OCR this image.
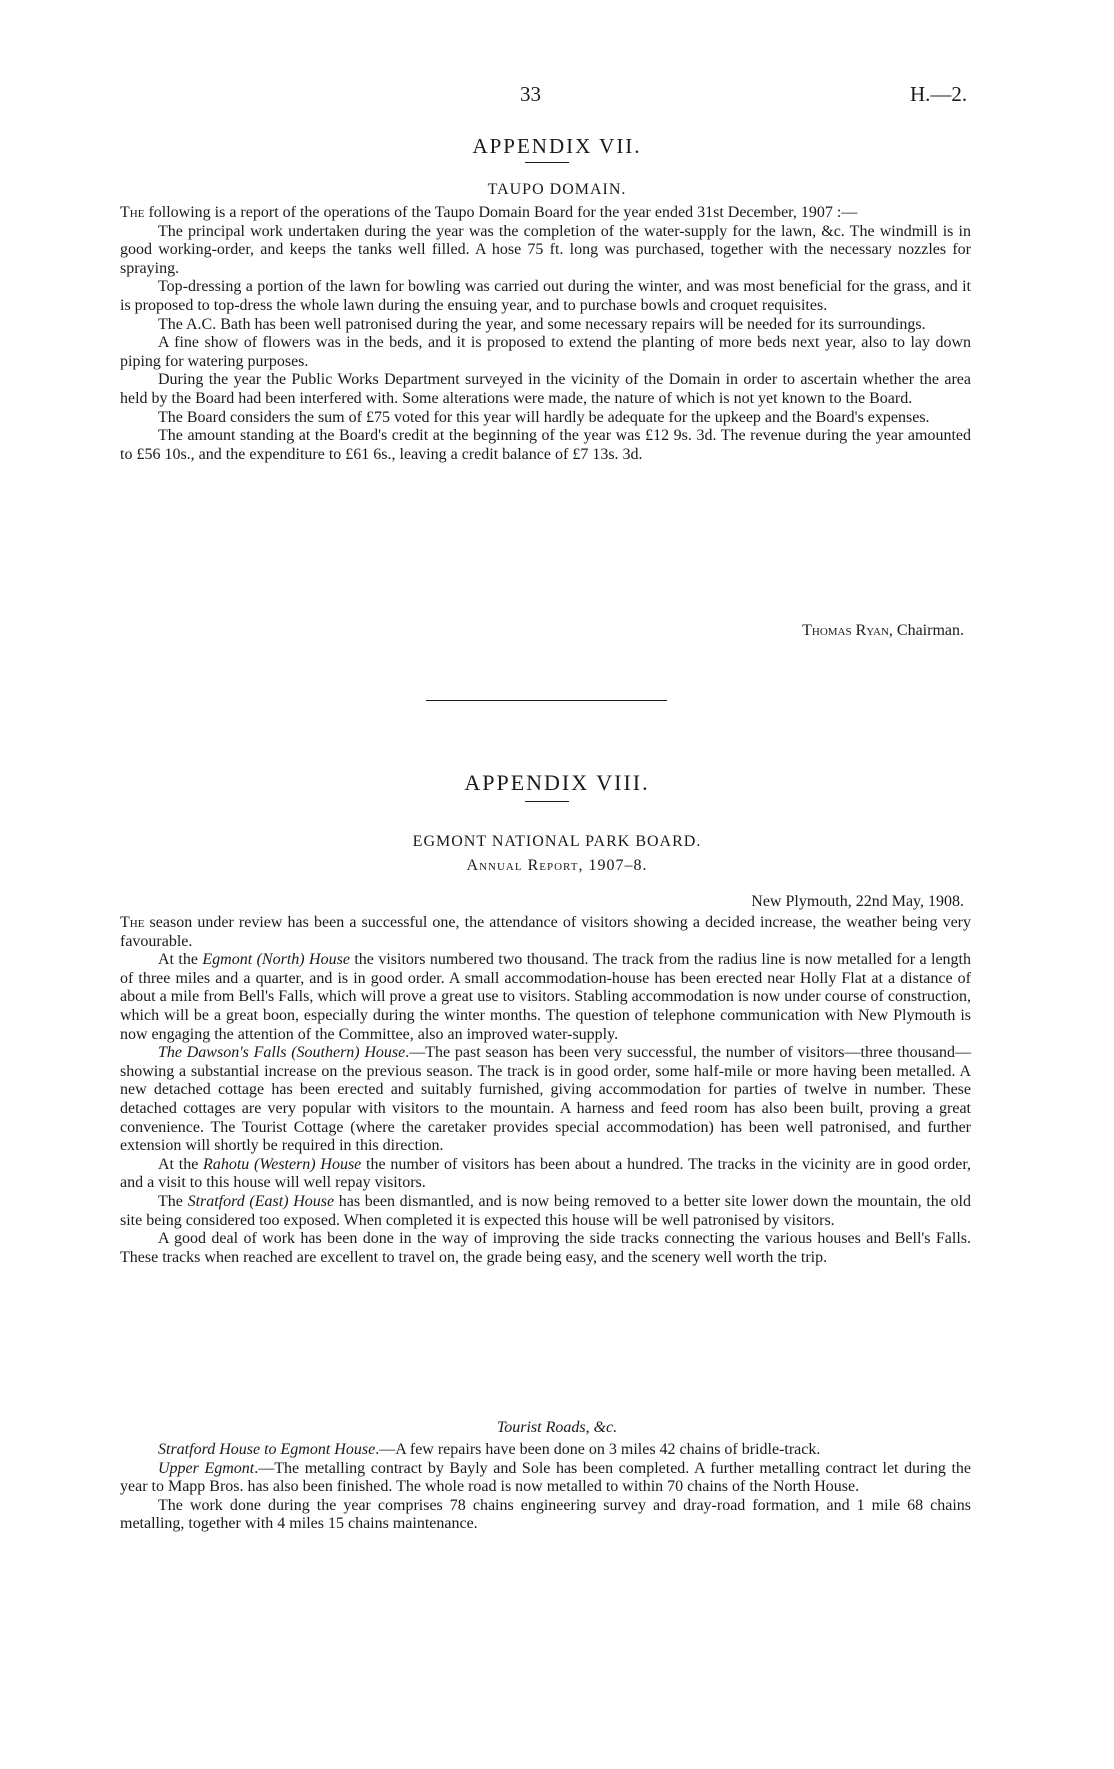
33	H.—2.
APPENDIX VII.
TAUPO DOMAIN.

The following is a report of the operations of the Taupo Domain Board for the year ended 31st December, 1907 :—

The principal work undertaken during the year was the completion of the water-supply for the lawn, &c. The windmill is in good working-order, and keeps the tanks well filled. A hose 75 ft. long was purchased, together with the necessary nozzles for spraying.

Top-dressing a portion of the lawn for bowling was carried out during the winter, and was most beneficial for the grass, and it is proposed to top-dress the whole lawn during the ensuing year, and to purchase bowls and croquet requisites.

The A.C. Bath has been well patronised during the year, and some necessary repairs will be needed for its surroundings.

A fine show of flowers was in the beds, and it is proposed to extend the planting of more beds next year, also to lay down piping for watering purposes.

During the year the Public Works Department surveyed in the vicinity of the Domain in order to ascertain whether the area held by the Board had been interfered with. Some alterations were made, the nature of which is not yet known to the Board.

The Board considers the sum of £75 voted for this year will hardly be adequate for the upkeep and the Board's expenses.

The amount standing at the Board's credit at the beginning of the year was £12 9s. 3d. The revenue during the year amounted to £56 10s., and the expenditure to £61 6s., leaving a credit balance of £7 13s. 3d.

Thomas Ryan, Chairman.
APPENDIX VIII.
EGMONT NATIONAL PARK BOARD.
Annual Report, 1907–8.
New Plymouth, 22nd May, 1908.

The season under review has been a successful one, the attendance of visitors showing a decided increase, the weather being very favourable.

At the Egmont (North) House the visitors numbered two thousand. The track from the radius line is now metalled for a length of three miles and a quarter, and is in good order. A small accommodation-house has been erected near Holly Flat at a distance of about a mile from Bell's Falls, which will prove a great use to visitors. Stabling accommodation is now under course of construction, which will be a great boon, especially during the winter months. The question of telephone communication with New Plymouth is now engaging the attention of the Committee, also an improved water-supply.

The Dawson's Falls (Southern) House.—The past season has been very successful, the number of visitors—three thousand—showing a substantial increase on the previous season. The track is in good order, some half-mile or more having been metalled. A new detached cottage has been erected and suitably furnished, giving accommodation for parties of twelve in number. These detached cottages are very popular with visitors to the mountain. A harness and feed room has also been built, proving a great convenience. The Tourist Cottage (where the caretaker provides special accommodation) has been well patronised, and further extension will shortly be required in this direction.

At the Rahotu (Western) House the number of visitors has been about a hundred. The tracks in the vicinity are in good order, and a visit to this house will well repay visitors.

The Stratford (East) House has been dismantled, and is now being removed to a better site lower down the mountain, the old site being considered too exposed. When completed it is expected this house will be well patronised by visitors.

A good deal of work has been done in the way of improving the side tracks connecting the various houses and Bell's Falls. These tracks when reached are excellent to travel on, the grade being easy, and the scenery well worth the trip.

Tourist Roads, &c.

Stratford House to Egmont House.—A few repairs have been done on 3 miles 42 chains of bridle-track.

Upper Egmont.—The metalling contract by Bayly and Sole has been completed. A further metalling contract let during the year to Mapp Bros. has also been finished. The whole road is now metalled to within 70 chains of the North House.

The work done during the year comprises 78 chains engineering survey and dray-road formation, and 1 mile 68 chains metalling, together with 4 miles 15 chains maintenance.
